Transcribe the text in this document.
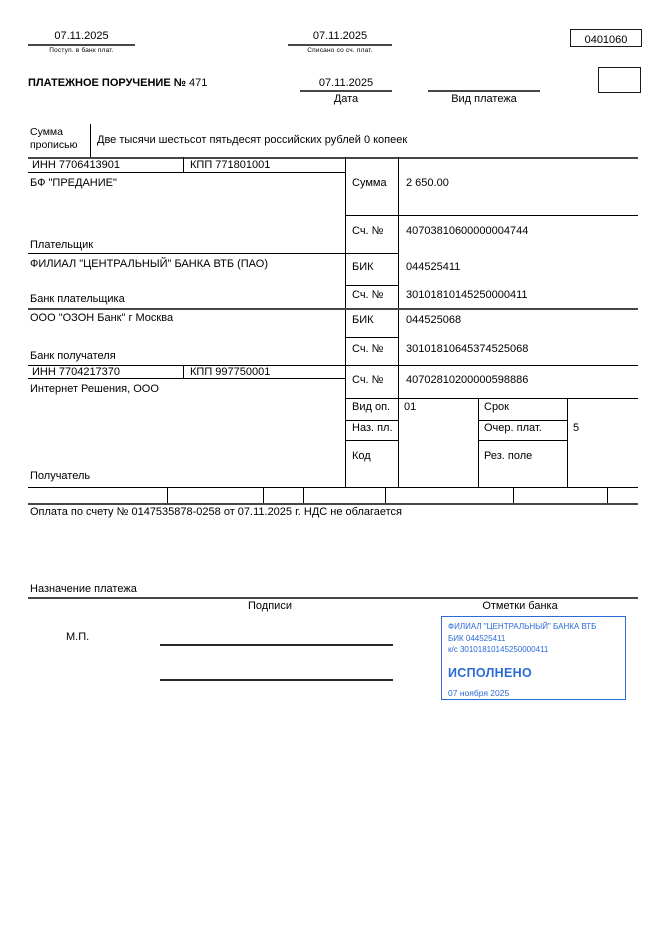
07.11.2025
Поступ. в банк плат.
07.11.2025
Списано со сч. плат.
0401060
ПЛАТЕЖНОЕ ПОРУЧЕНИЕ № 471	07.11.2025
Дата	Вид платежа
Сумма
прописью Две тысячи шестьсот пятьдесят российских рублей 0 копеек
ИНН 7706413901	КПП 771801001
БФ "ПРЕДАНИЕ"
Плательщик
ФИЛИАЛ "ЦЕНТРАЛЬНЫЙ" БАНКА ВТБ (ПАО)
Банк плательщика
ООО "ОЗОН Банк" г Москва
Банк получателя
ИНН 7704217370	КПП 997750001
Интернет Решения, ООО
Получатель
Сумма 2 650.00
Сч. № 40703810600000004744
БИК	044525411
Сч. № 30101810145250000411
БИК	044525068
Сч. № 30101810645374525068
Сч. № 40702810200000598886
Вид оп. 01	Срок
Наз. пл.	Очер. плат.	5
Код	Рез. поле
Оплата по счету № 0147535878-0258 от 07.11.2025 г. НДС не облагается
Назначение платежа
Подписи	Отметки банка
М.П.
ФИЛИАЛ "ЦЕНТРАЛЬНЫЙ" БАНКА ВТБ
БИК 044525411
к/с 30101810145250000411
ИСПОЛНЕНО
07 ноября 2025
